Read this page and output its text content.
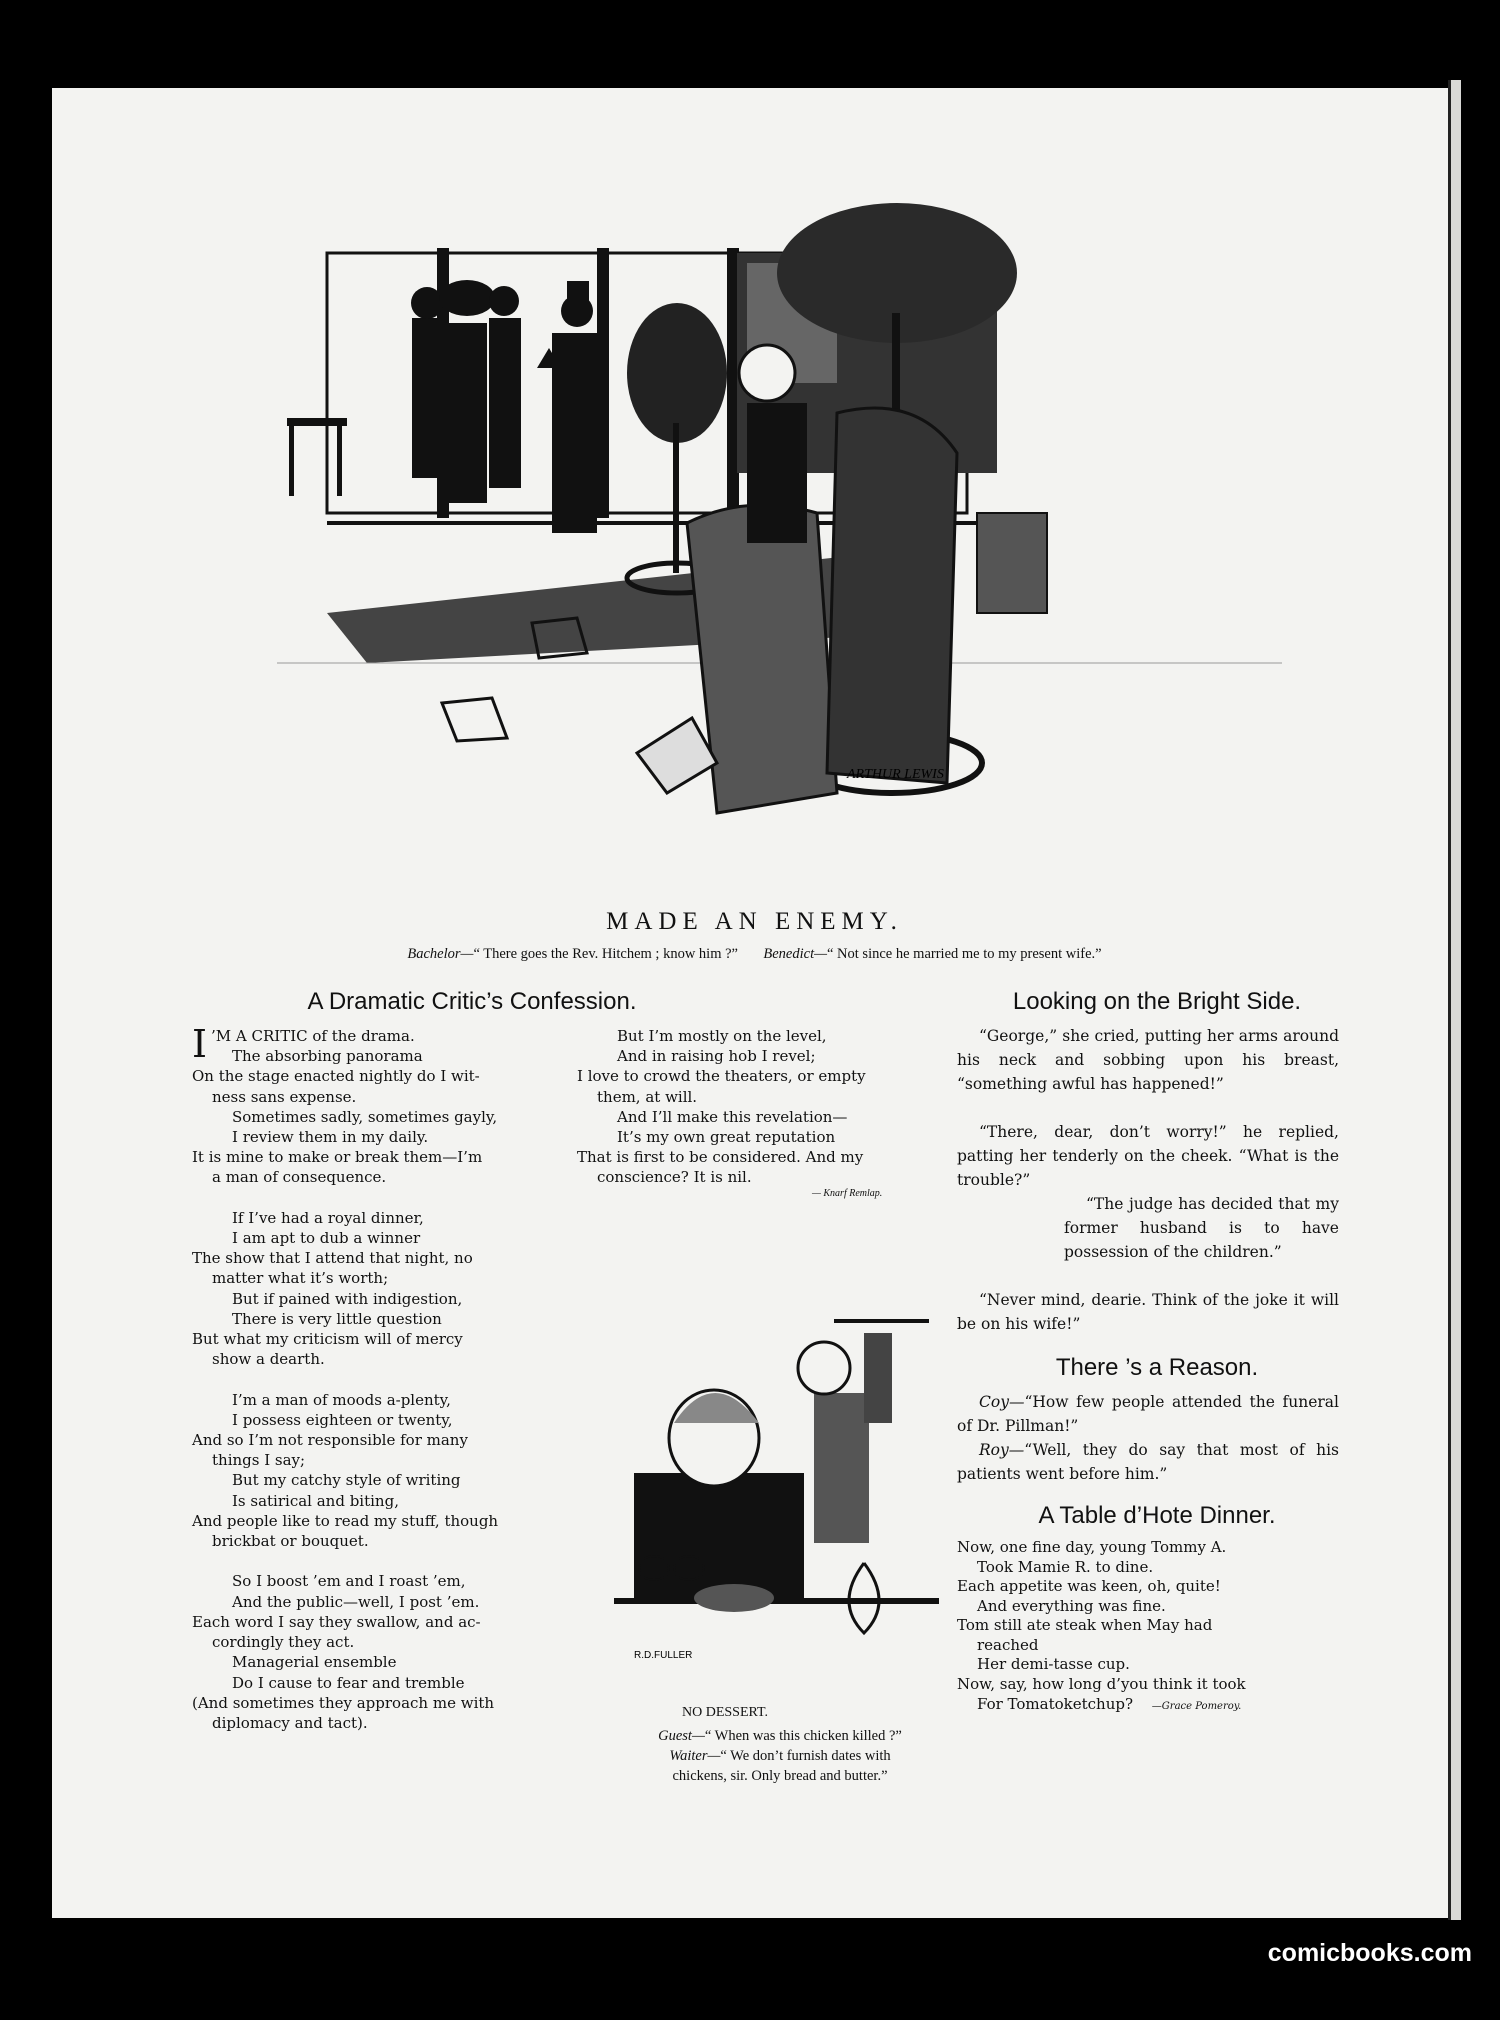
ARTHUR LEWIS
MADE AN ENEMY.
Bachelor—“ There goes the Rev. Hitchem ; know him ?” Benedict—“ Not since he married me to my present wife.”
A Dramatic Critic’s Confession.
I ’M A CRITIC of the drama.
The absorbing panorama
On the stage enacted nightly do I wit-
ness sans expense.
Sometimes sadly, sometimes gayly,
I review them in my daily.
It is mine to make or break them—I’m
a man of consequence.

If I’ve had a royal dinner,
I am apt to dub a winner
The show that I attend that night, no
matter what it’s worth;
But if pained with indigestion,
There is very little question
But what my criticism will of mercy
show a dearth.

I’m a man of moods a-plenty,
I possess eighteen or twenty,
And so I’m not responsible for many
things I say;
But my catchy style of writing
Is satirical and biting,
And people like to read my stuff, though
brickbat or bouquet.

So I boost ’em and I roast ’em,
And the public—well, I post ’em.
Each word I say they swallow, and ac-
cordingly they act.
Managerial ensemble
Do I cause to fear and tremble
(And sometimes they approach me with
diplomacy and tact).
But I’m mostly on the level,
And in raising hob I revel;
I love to crowd the theaters, or empty
them, at will.
And I’ll make this revelation—
It’s my own great reputation
That is first to be considered. And my
conscience? It is nil.
— Knarf Remlap.
R.D.FULLER
NO DESSERT.
Guest—“ When was this chicken killed ?”
Waiter—“ We don’t furnish dates with
chickens, sir. Only bread and butter.”
Looking on the Bright Side.
“George,” she cried, putting her arms around his neck and sobbing upon his breast, “something awful has happened!”
“There, dear, don’t worry!” he replied, patting her tenderly on the cheek. “What is the trouble?”
“The judge has decided that my former husband is to have possession of the children.”
“Never mind, dearie. Think of the joke it will be on his wife!”
There ’s a Reason.
Coy—“How few people attended the funeral of Dr. Pillman!”
Roy—“Well, they do say that most of his patients went before him.”
A Table d’Hote Dinner.
Now, one fine day, young Tommy A.
Took Mamie R. to dine.
Each appetite was keen, oh, quite!
And everything was fine.
Tom still ate steak when May had
reached
Her demi-tasse cup.
Now, say, how long d’you think it took
For Tomatoketchup? —Grace Pomeroy.
comicbooks.com
